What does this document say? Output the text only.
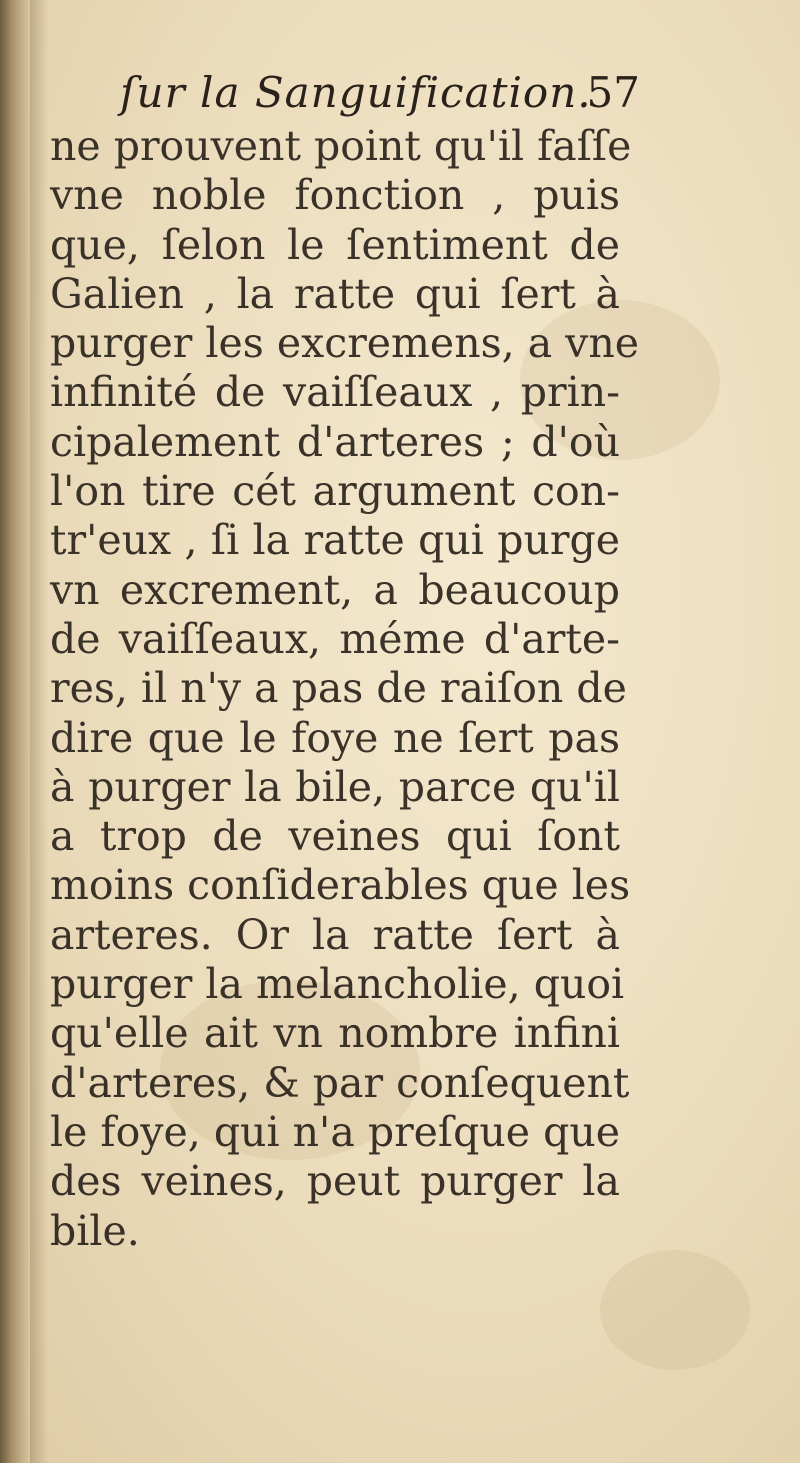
ſur la Sanguification.
57
ne prouvent point qu'il faſſe
vne noble fonction , puis
que, ſelon le ſentiment de
Galien , la ratte qui ſert à
purger les excremens, a vne
infinité de vaiſſeaux , prin-
cipalement d'arteres ; d'où
l'on tire cét argument con-
tr'eux , ſi la ratte qui purge
vn excrement, a beaucoup
de vaiſſeaux, méme d'arte-
res, il n'y a pas de raiſon de
dire que le foye ne ſert pas
à purger la bile, parce qu'il
a trop de veines qui ſont
moins conſiderables que les
arteres. Or la ratte ſert à
purger la melancholie, quoi
qu'elle ait vn nombre infini
d'arteres, & par conſequent
le foye, qui n'a preſque que
des veines, peut purger la
bile.
